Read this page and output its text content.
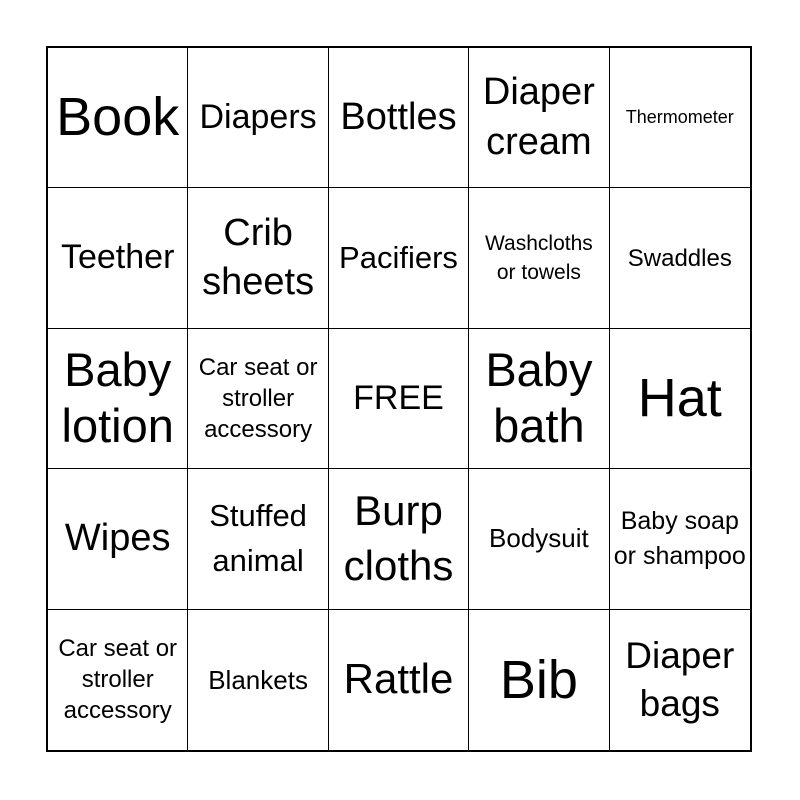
Book Diapers Bottles
Diaper cream
Thermometer
Teether
Crib sheets
Pacifiers	Washcloths or towels
Swaddles
Baby lotion
Car seat or stroller accessory
FREE
Baby bath Hat
Wipes
Stuffed animal
Burp cloths
Bodysuit
Baby soap or shampoo
Car seat or stroller accessory
Blankets Rattle Bib	Diaper bags
